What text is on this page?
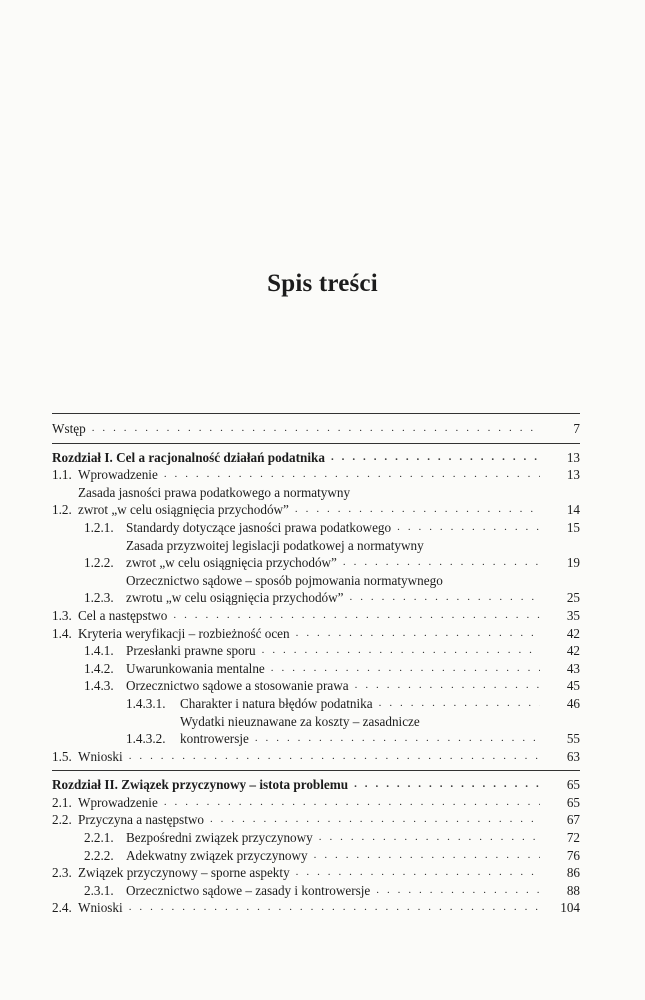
Spis treści
Wstęp . . .	7
Rozdział I. Cel a racjonalność działań podatnika . . .	13
1.1. Wprowadzenie . . .	13
1.2.
Zasada jasności prawa podatkowego a normatywny
zwrot „w celu osiągnięcia przychodów” . . .	14
1.2.1. Standardy dotyczące jasności prawa podatkowego . . .	15
1.2.2.
Zasada przyzwoitej legislacji podatkowej a normatywny
zwrot „w celu osiągnięcia przychodów” . . .	19
1.2.3.
Orzecznictwo sądowe – sposób pojmowania normatywnego
zwrotu „w celu osiągnięcia przychodów” . . .	25
1.3. Cel a następstwo . . .	35
1.4. Kryteria weryfikacji – rozbieżność ocen . . .	42
1.4.1. Przesłanki prawne sporu . . .	42
1.4.2. Uwarunkowania mentalne . . .	43
1.4.3. Orzecznictwo sądowe a stosowanie prawa . . .	45
1.4.3.1.	Charakter i natura błędów podatnika . . .	46
1.4.3.2.
Wydatki nieuznawane za koszty – zasadnicze
kontrowersje . . .	55
1.5. Wnioski . . .	63
Rozdział II. Związek przyczynowy – istota problemu . . .	65
2.1. Wprowadzenie . . .	65
2.2. Przyczyna a następstwo . . .	67
2.2.1. Bezpośredni związek przyczynowy . . .	72
2.2.2. Adekwatny związek przyczynowy . . .	76
2.3. Związek przyczynowy – sporne aspekty . . .	86
2.3.1. Orzecznictwo sądowe – zasady i kontrowersje . . .	88
2.4. Wnioski . . .	104
